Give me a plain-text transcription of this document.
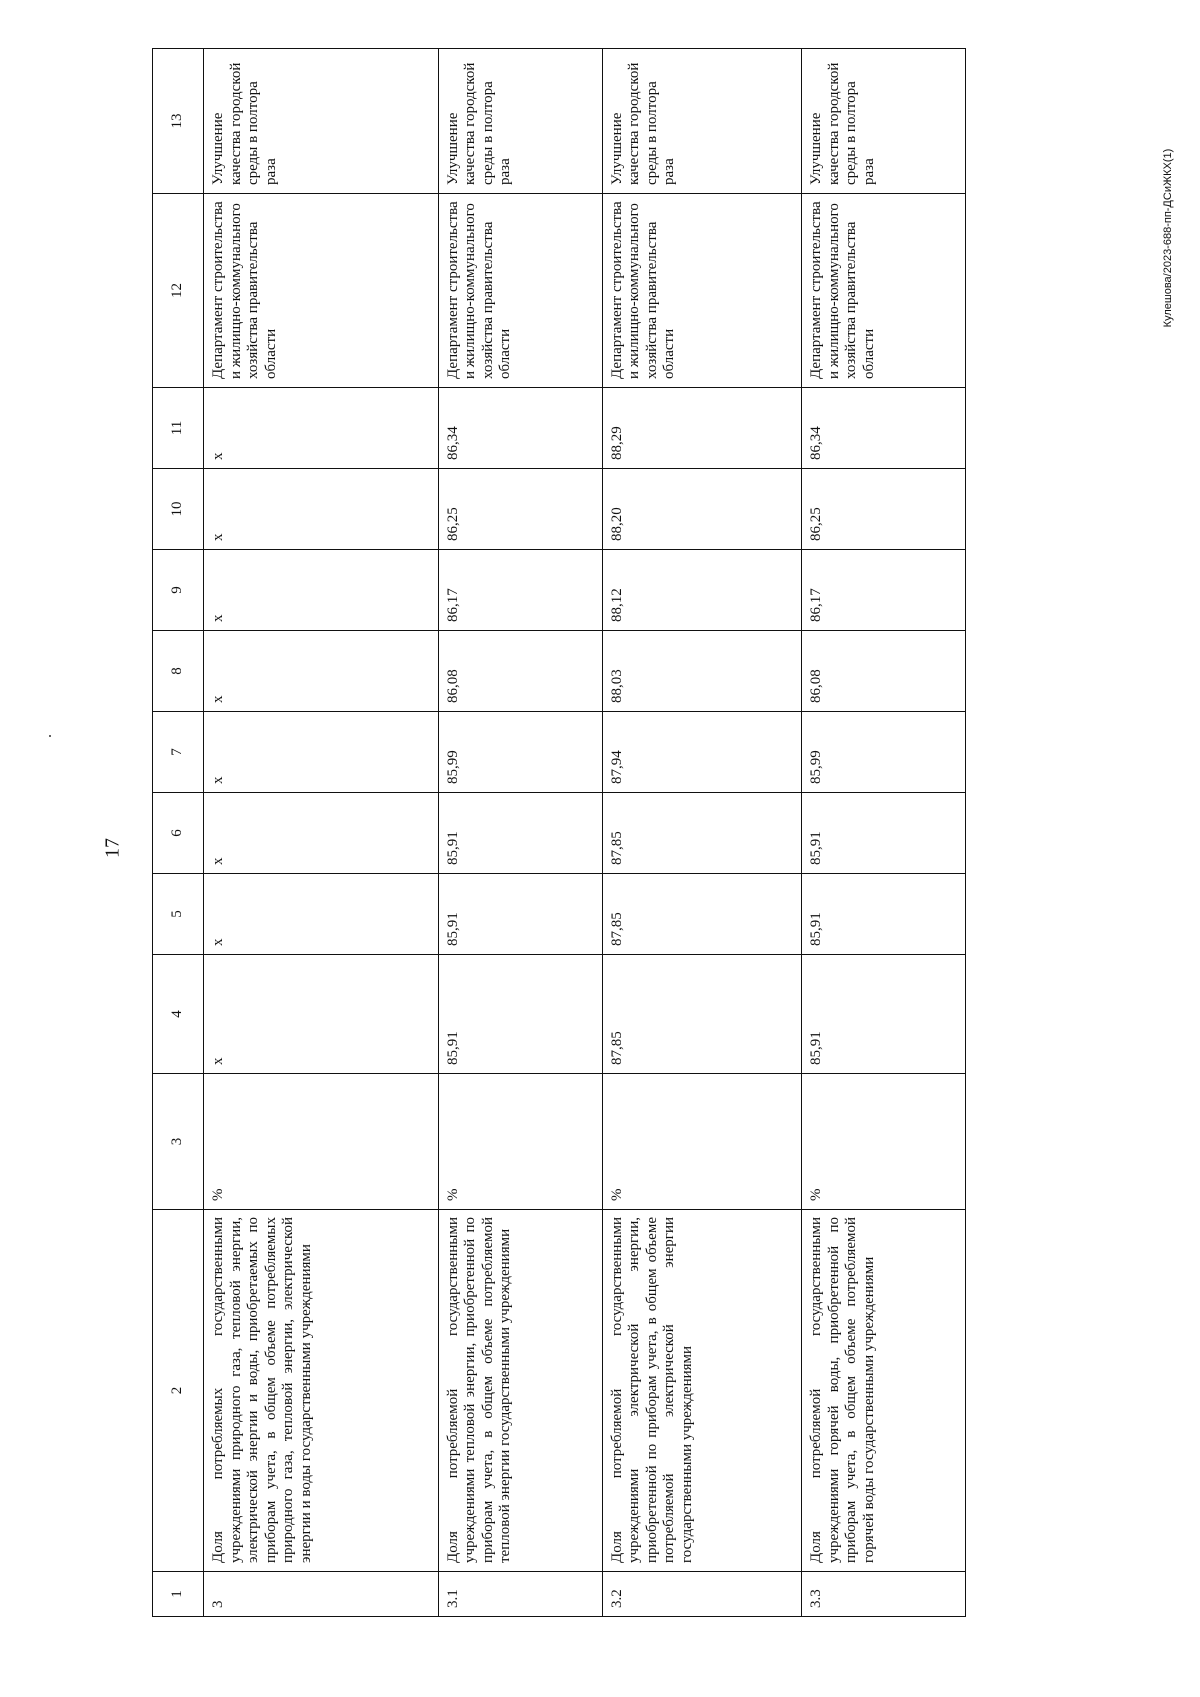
17
Кулешова/2023-688-пп-ДСиЖКХ(1)
1	2	3	4	5	6	7	8	9	10	11	12	13
3	Доля потребляемых государственными учреждениями природного газа, тепловой энергии, электрической энергии и воды, приобретаемых по приборам учета, в общем объеме потребляемых природного газа, тепловой энергии, электрической энергии и воды государственными учреждениями	%	х	х	х	х	х	х	х	х	Департамент строительства и жилищно-коммунального хозяйства правительства области	Улучшение качества городской среды в полтора раза
3.1	Доля потребляемой государственными учреждениями тепловой энергии, приобретенной по приборам учета, в общем объеме потребляемой тепловой энергии государственными учреждениями	%	85,91	85,91	85,91	85,99	86,08	86,17	86,25	86,34	Департамент строительства и жилищно-коммунального хозяйства правительства области	Улучшение качества городской среды в полтора раза
3.2	Доля потребляемой государственными учреждениями электрической энергии, приобретенной по приборам учета, в общем объеме потребляемой электрической энергии государственными учреждениями	%	87,85	87,85	87,85	87,94	88,03	88,12	88,20	88,29	Департамент строительства и жилищно-коммунального хозяйства правительства области	Улучшение качества городской среды в полтора раза
3.3	Доля потребляемой государственными учреждениями горячей воды, приобретенной по приборам учета, в общем объеме потребляемой горячей воды государственными учреждениями	%	85,91	85,91	85,91	85,99	86,08	86,17	86,25	86,34	Департамент строительства и жилищно-коммунального хозяйства правительства области	Улучшение качества городской среды в полтора раза
